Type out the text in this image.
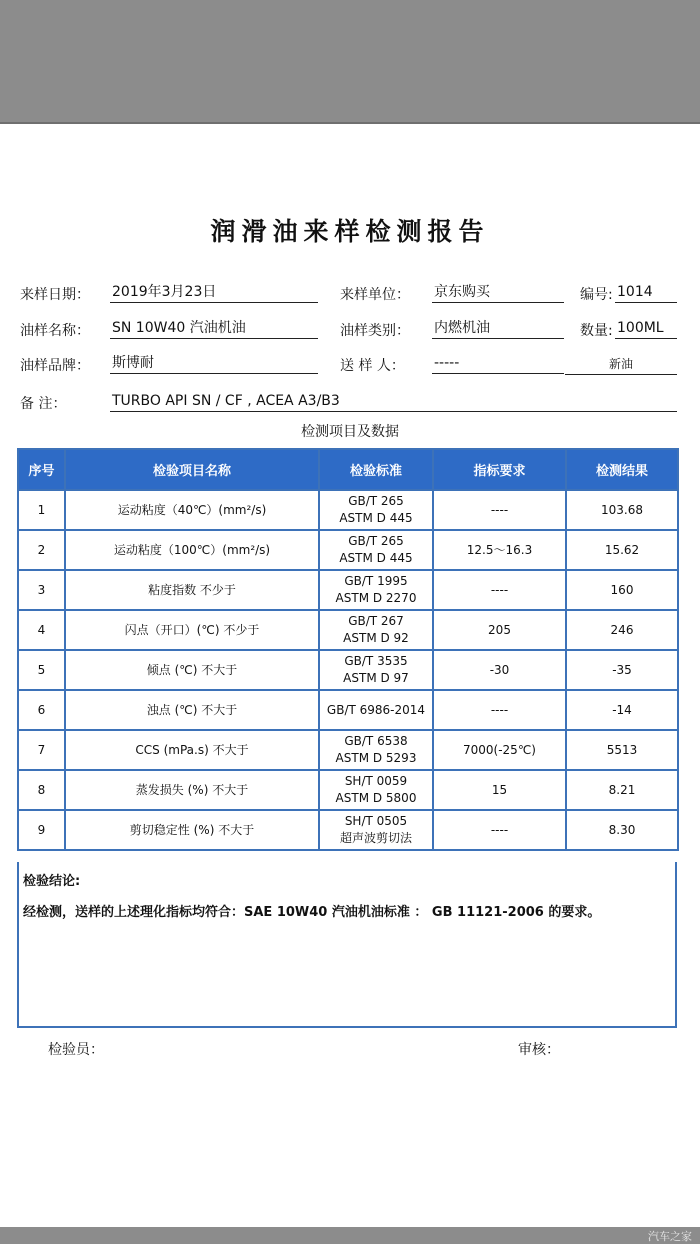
润滑油来样检测报告
来样日期： 2019年3月23日	来样单位： 京东购买	编号: 1014
油样名称： SN 10W40 汽油机油	油样类别： 内燃机油	数量: 100ML
油样品牌： 斯博耐	送 样 人： -----	新油
备 注：	TURBO API SN / CF , ACEA A3/B3
检测项目及数据
序号	检验项目名称	检验标准	指标要求	检测结果
1	运动粘度（40℃）(mm²/s)	GB/T 265
ASTM D 445	----	103.68
2	运动粘度（100℃）(mm²/s)	GB/T 265
ASTM D 445	12.5～16.3	15.62
3	粘度指数 不少于	GB/T 1995
ASTM D 2270	----	160
4	闪点（开口）(℃) 不少于	GB/T 267
ASTM D 92	205	246
5	倾点 (℃) 不大于	GB/T 3535
ASTM D 97	-30	-35
6	浊点 (℃) 不大于	GB/T 6986-2014	----	-14
7	CCS (mPa.s) 不大于	GB/T 6538
ASTM D 5293	7000(-25℃)	5513
8	蒸发损失 (%) 不大于	SH/T 0059
ASTM D 5800	15	8.21
9	剪切稳定性 (%) 不大于	SH/T 0505
超声波剪切法	----	8.30
检验结论:
经检测，送样的上述理化指标均符合：SAE 10W40 汽油机油标准 ： GB 11121-2006 的要求。
检验员：	审核：
汽车之家
